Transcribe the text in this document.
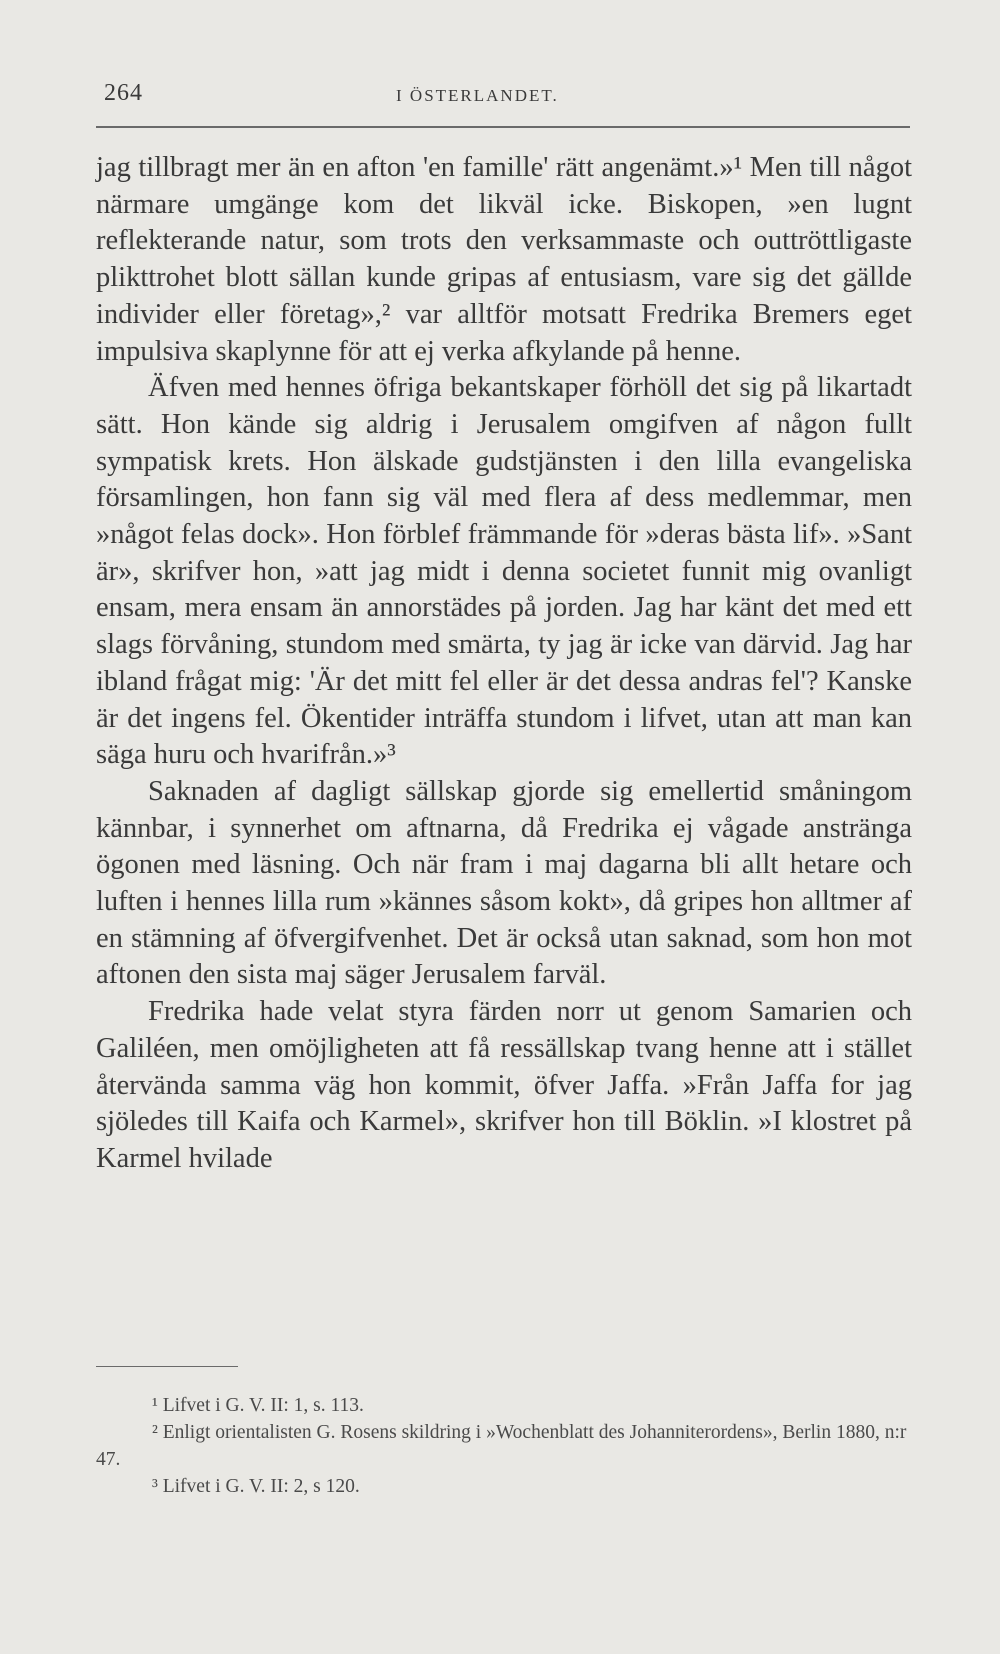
264	I ÖSTERLANDET.

jag tillbragt mer än en afton 'en famille' rätt angenämt.»¹ Men till något närmare umgänge kom det likväl icke. Biskopen, »en lugnt reflekterande natur, som trots den verksammaste och outtröttligaste plikttrohet blott sällan kunde gripas af entusiasm, vare sig det gällde individer eller företag»,² var alltför motsatt Fredrika Bremers eget impulsiva skaplynne för att ej verka afkylande på henne.

Äfven med hennes öfriga bekantskaper förhöll det sig på likartadt sätt. Hon kände sig aldrig i Jerusalem omgifven af någon fullt sympatisk krets. Hon älskade gudstjänsten i den lilla evangeliska församlingen, hon fann sig väl med flera af dess medlemmar, men »något felas dock». Hon förblef främmande för »deras bästa lif». »Sant är», skrifver hon, »att jag midt i denna societet funnit mig ovanligt ensam, mera ensam än annorstädes på jorden. Jag har känt det med ett slags förvåning, stundom med smärta, ty jag är icke van därvid. Jag har ibland frågat mig: 'Är det mitt fel eller är det dessa andras fel'? Kanske är det ingens fel. Ökentider inträffa stundom i lifvet, utan att man kan säga huru och hvarifrån.»³

Saknaden af dagligt sällskap gjorde sig emellertid småningom kännbar, i synnerhet om aftnarna, då Fredrika ej vågade anstränga ögonen med läsning. Och när fram i maj dagarna bli allt hetare och luften i hennes lilla rum »kännes såsom kokt», då gripes hon alltmer af en stämning af öfvergifvenhet. Det är också utan saknad, som hon mot aftonen den sista maj säger Jerusalem farväl.

Fredrika hade velat styra färden norr ut genom Samarien och Galiléen, men omöjligheten att få ressällskap tvang henne att i stället återvända samma väg hon kommit, öfver Jaffa. »Från Jaffa for jag sjöledes till Kaifa och Karmel», skrifver hon till Böklin. »I klostret på Karmel hvilade

¹ Lifvet i G. V. II: 1, s. 113.

² Enligt orientalisten G. Rosens skildring i »Wochenblatt des Johanniterordens», Berlin 1880, n:r 47.

³ Lifvet i G. V. II: 2, s 120.
